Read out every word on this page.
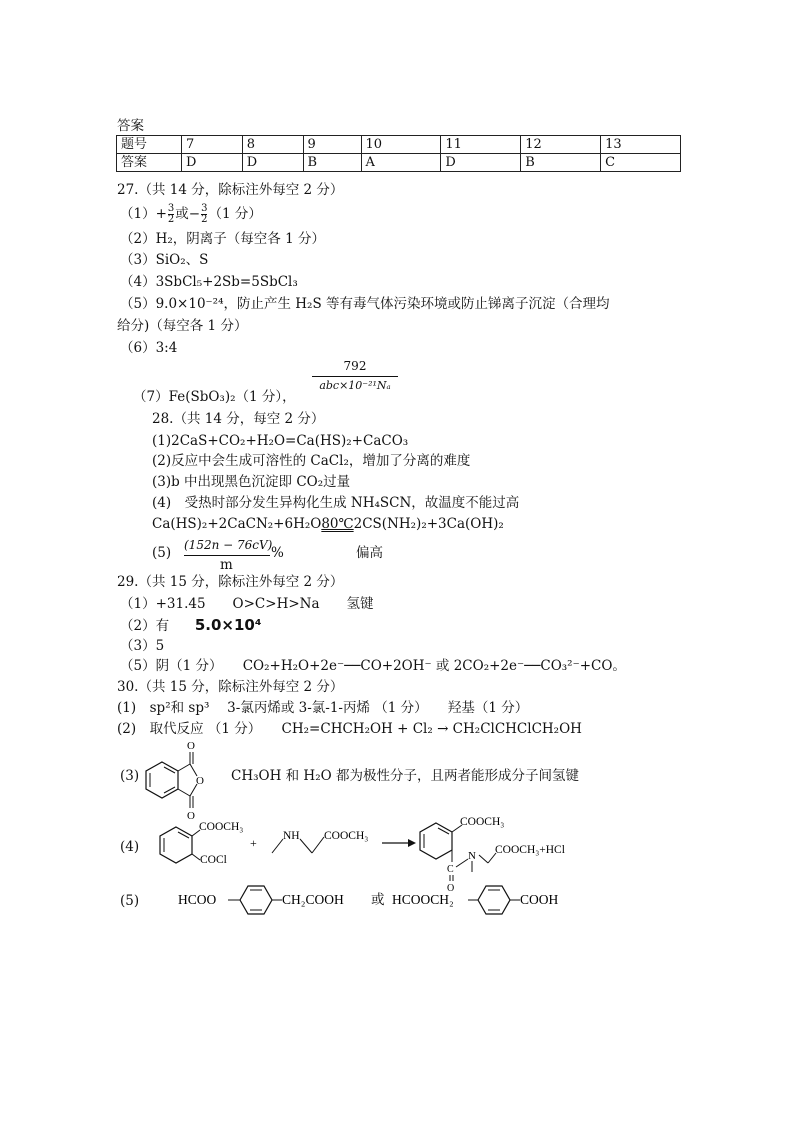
答案
题号	7	8	9	10	11	12	13
答案	D	D	B	A	D	B	C
27.（共 14 分，除标注外每空 2 分）
$(1)+ \frac{3}{2}$ 或− $\frac{3}{2} (1$ 分）
（2）H₂，阴离子（每空各 1 分）
（3）SiO₂、S
（4）3SbCl₅+2Sb=5SbCl₃
（5）9.0×10⁻²⁴，防止产生 H₂S 等有毒气体污染环境或防止锑离子沉淀（合理均
给分)（每空各 1 分）
（6）3:4
（7）Fe(SbO₃)₂（1 分），
792
abc×10⁻²¹Nₐ
28.（共 14 分，每空 2 分）
(1)2CaS+CO₂+H₂O=Ca(HS)₂+CaCO₃
(2)反应中会生成可溶性的 CaCl₂，增加了分离的难度
(3)b 中出现黑色沉淀即 CO₂过量
(4)　受热时部分发生异构化生成 NH₄SCN，故温度不能过高
Ca(HS)₂+2CaCN₂+6H₂O80℃2CS(NH₂)₂+3Ca(OH)₂
(5) (152n − 76cV)
m
%	偏高
29.（共 15 分，除标注外每空 2 分）
（1）+31.45　　O>C>H>Na　　氢键
（2）有 5.0×10⁴
（3）5
（5）阴（1 分）　　CO₂+H₂O+2e⁻──CO+2OH⁻ 或 2CO₂+2e⁻──CO₃²⁻+CO。
30.（共 15 分，除标注外每空 2 分）
(1)　sp²和 sp³　 3-氯丙烯或 3-氯-1-丙烯 （1 分）　　羟基（1 分）
(2)　取代反应 （1 分）　　CH₂=CHCH₂OH + Cl₂ → CH₂ClCHClCH₂OH
(3)
O
O
O
CH₃OH 和 H₂O 都为极性分子，且两者能形成分子间氢键
(4)
COOCH₃
COCl
+ NH COOCH₃
COOCH₃
C
O
N COOCH₃+HCl
(5)	HCOO	CH₂COOH 或 HCOOCH₂	COOH
